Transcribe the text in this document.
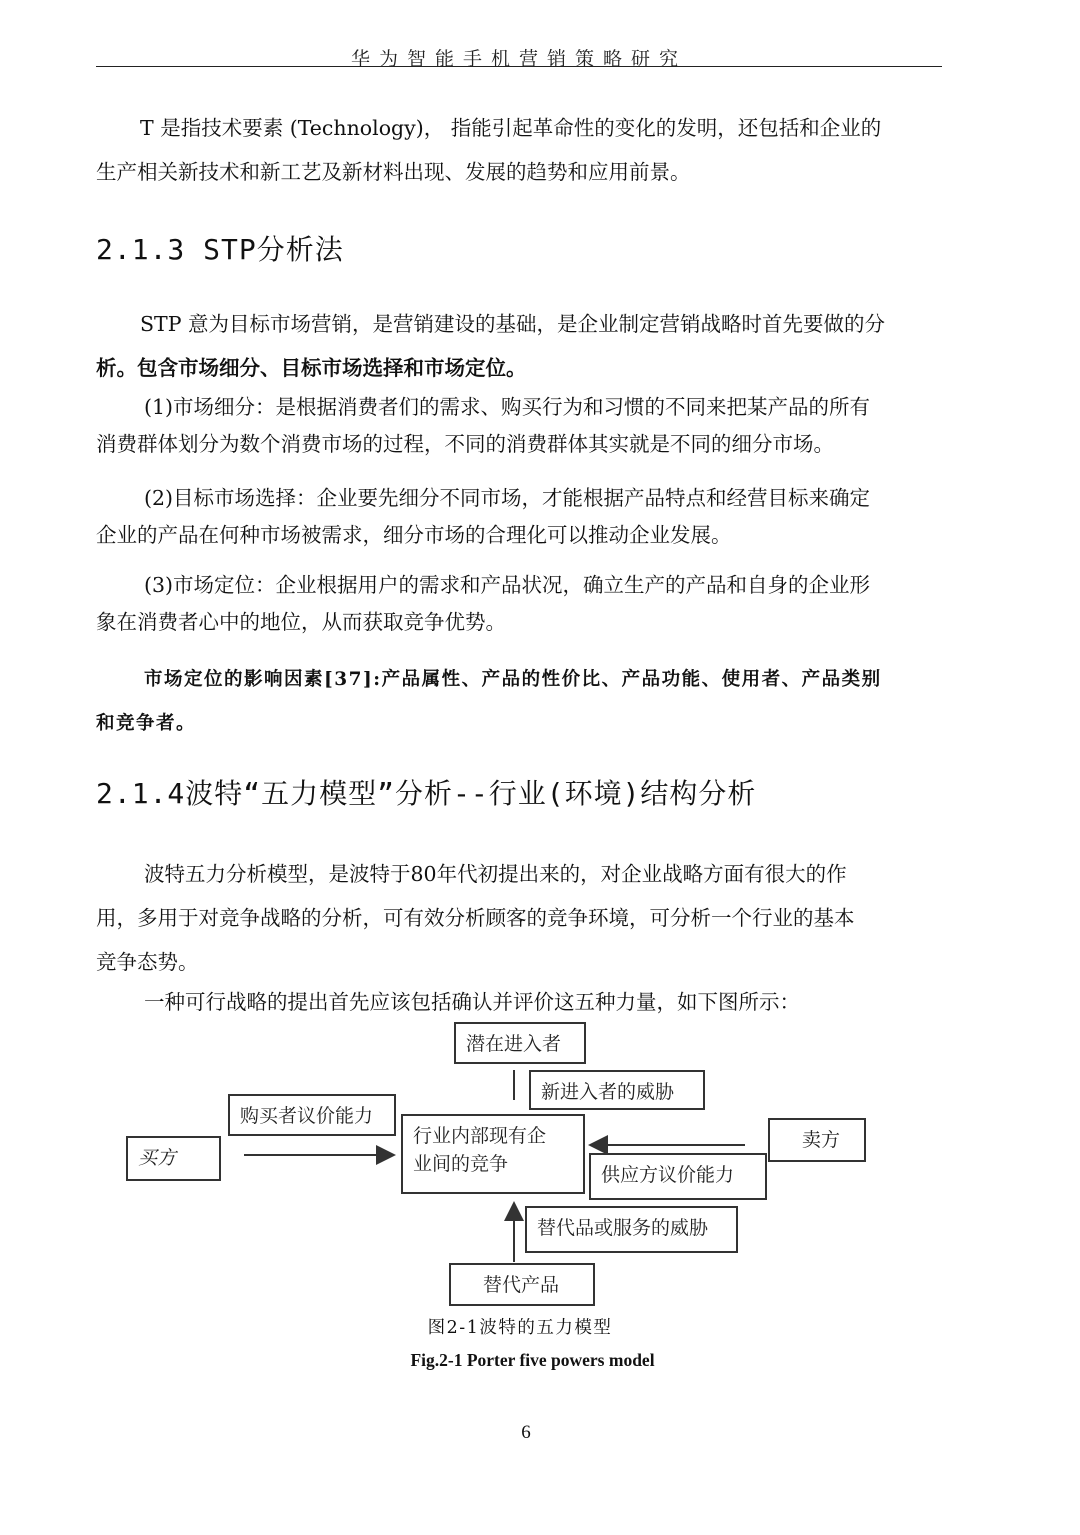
华为智能手机营销策略研究

T 是指技术要素 (Technology)， 指能引起革命性的变化的发明，还包括和企业的
生产相关新技术和新工艺及新材料出现、发展的趋势和应用前景。

2.1.3 STP分析法

STP 意为目标市场营销，是营销建设的基础，是企业制定营销战略时首先要做的分
析。包含市场细分、目标市场选择和市场定位。

(1)市场细分：是根据消费者们的需求、购买行为和习惯的不同来把某产品的所有
消费群体划分为数个消费市场的过程，不同的消费群体其实就是不同的细分市场。

(2)目标市场选择：企业要先细分不同市场，才能根据产品特点和经营目标来确定
企业的产品在何种市场被需求，细分市场的合理化可以推动企业发展。

(3)市场定位：企业根据用户的需求和产品状况，确立生产的产品和自身的企业形
象在消费者心中的地位，从而获取竞争优势。

市场定位的影响因素[37]:产品属性、产品的性价比、产品功能、使用者、产品类别
和竞争者。

2.1.4波特“五力模型”分析--行业(环境)结构分析

波特五力分析模型，是波特于80年代初提出来的，对企业战略方面有很大的作
用，多用于对竞争战略的分析，可有效分析顾客的竞争环境，可分析一个行业的基本
竞争态势。

一种可行战略的提出首先应该包括确认并评价这五种力量，如下图所示：

潜在进入者
新进入者的威胁
购买者议价能力
买方
行业内部现有企
业间的竞争
卖方
供应方议价能力
替代品或服务的威胁
替代产品
图2-1波特的五力模型
Fig.2-1 Porter five powers model
6
